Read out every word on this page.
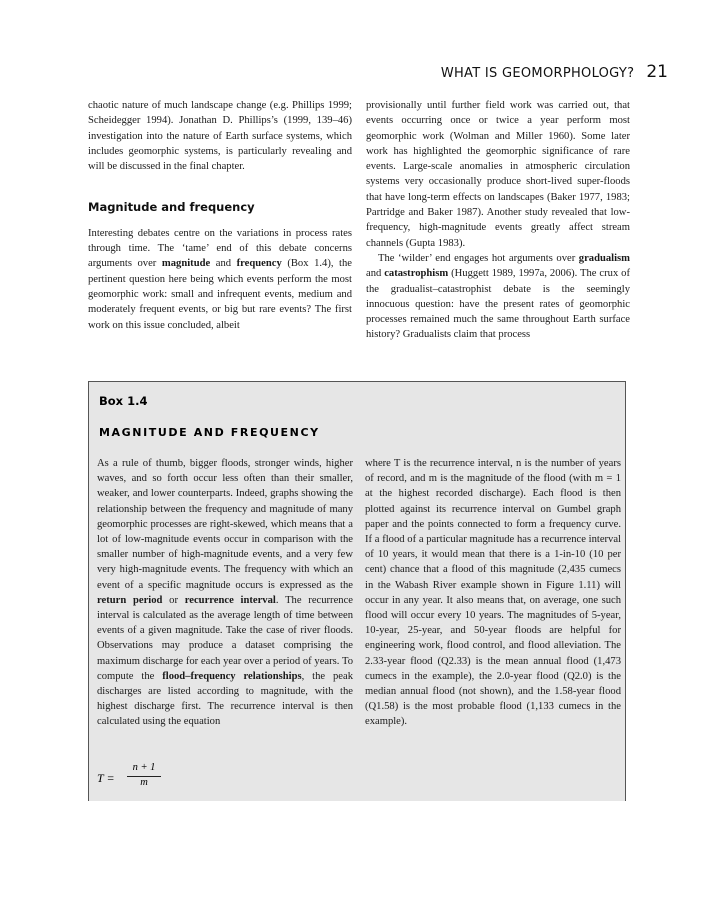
WHAT IS GEOMORPHOLOGY? 21

chaotic nature of much landscape change (e.g. Phillips 1999; Scheidegger 1994). Jonathan D. Phillips’s (1999, 139–46) investigation into the nature of Earth surface systems, which includes geomorphic systems, is particularly revealing and will be discussed in the final chapter.

Magnitude and frequency

Interesting debates centre on the variations in process rates through time. The ‘tame’ end of this debate concerns arguments over magnitude and frequency (Box 1.4), the pertinent question here being which events perform the most geomorphic work: small and infrequent events, medium and moderately frequent events, or big but rare events? The first work on this issue concluded, albeit

provisionally until further field work was carried out, that events occurring once or twice a year perform most geomorphic work (Wolman and Miller 1960). Some later work has highlighted the geomorphic significance of rare events. Large-scale anomalies in atmospheric circulation systems very occasionally produce short-lived super-floods that have long-term effects on landscapes (Baker 1977, 1983; Partridge and Baker 1987). Another study revealed that low-frequency, high-magnitude events greatly affect stream channels (Gupta 1983).

The ‘wilder’ end engages hot arguments over gradualism and catastrophism (Huggett 1989, 1997a, 2006). The crux of the gradualist–catastrophist debate is the seemingly innocuous question: have the present rates of geomorphic processes remained much the same throughout Earth surface history? Gradualists claim that process

Box 1.4
MAGNITUDE AND FREQUENCY
As a rule of thumb, bigger floods, stronger winds, higher waves, and so forth occur less often than their smaller, weaker, and lower counterparts. Indeed, graphs showing the relationship between the frequency and magnitude of many geomorphic processes are right-skewed, which means that a lot of low-magnitude events occur in comparison with the smaller number of high-magnitude events, and a very few very high-magnitude events. The frequency with which an event of a specific magnitude occurs is expressed as the return period or recurrence interval. The recurrence interval is calculated as the average length of time between events of a given magnitude. Take the case of river floods. Observations may produce a dataset comprising the maximum discharge for each year over a period of years. To compute the flood–frequency relationships, the peak discharges are listed according to magnitude, with the highest discharge first. The recurrence interval is then calculated using the equation
where T is the recurrence interval, n is the number of years of record, and m is the magnitude of the flood (with m = 1 at the highest recorded discharge). Each flood is then plotted against its recurrence interval on Gumbel graph paper and the points connected to form a frequency curve. If a flood of a particular magnitude has a recurrence interval of 10 years, it would mean that there is a 1-in-10 (10 per cent) chance that a flood of this magnitude (2,435 cumecs in the Wabash River example shown in Figure 1.11) will occur in any year. It also means that, on average, one such flood will occur every 10 years. The magnitudes of 5-year, 10-year, 25-year, and 50-year floods are helpful for engineering work, flood control, and flood alleviation. The 2.33-year flood (Q2.33) is the mean annual flood (1,473 cumecs in the example), the 2.0-year flood (Q2.0) is the median annual flood (not shown), and the 1.58-year flood (Q1.58) is the most probable flood (1,133 cumecs in the example).
T =
n + 1
m
